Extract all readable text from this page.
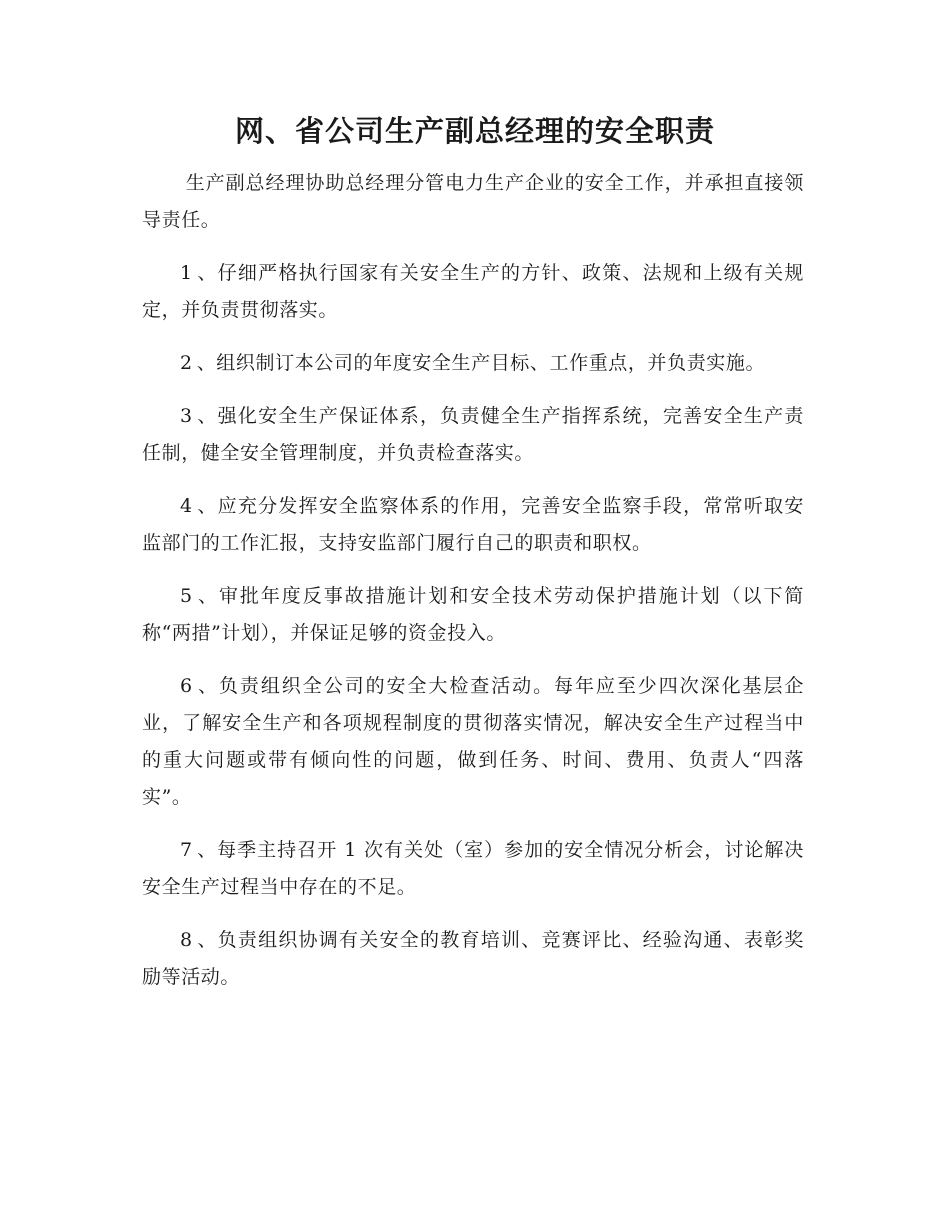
网、省公司生产副总经理的安全职责

生产副总经理协助总经理分管电力生产企业的安全工作，并承担直接领导责任。

1 、仔细严格执行国家有关安全生产的方针、政策、法规和上级有关规定，并负责贯彻落实。

2 、组织制订本公司的年度安全生产目标、工作重点，并负责实施。

3 、强化安全生产保证体系，负责健全生产指挥系统，完善安全生产责任制，健全安全管理制度，并负责检查落实。

4 、应充分发挥安全监察体系的作用，完善安全监察手段，常常听取安监部门的工作汇报，支持安监部门履行自己的职责和职权。

5 、审批年度反事故措施计划和安全技术劳动保护措施计划（以下简称“两措”计划），并保证足够的资金投入。

6 、负责组织全公司的安全大检查活动。每年应至少四次深化基层企业，了解安全生产和各项规程制度的贯彻落实情况，解决安全生产过程当中的重大问题或带有倾向性的问题，做到任务、时间、费用、负责人“四落实”。

7 、每季主持召开 1 次有关处（室）参加的安全情况分析会，讨论解决安全生产过程当中存在的不足。

8 、负责组织协调有关安全的教育培训、竞赛评比、经验沟通、表彰奖励等活动。
